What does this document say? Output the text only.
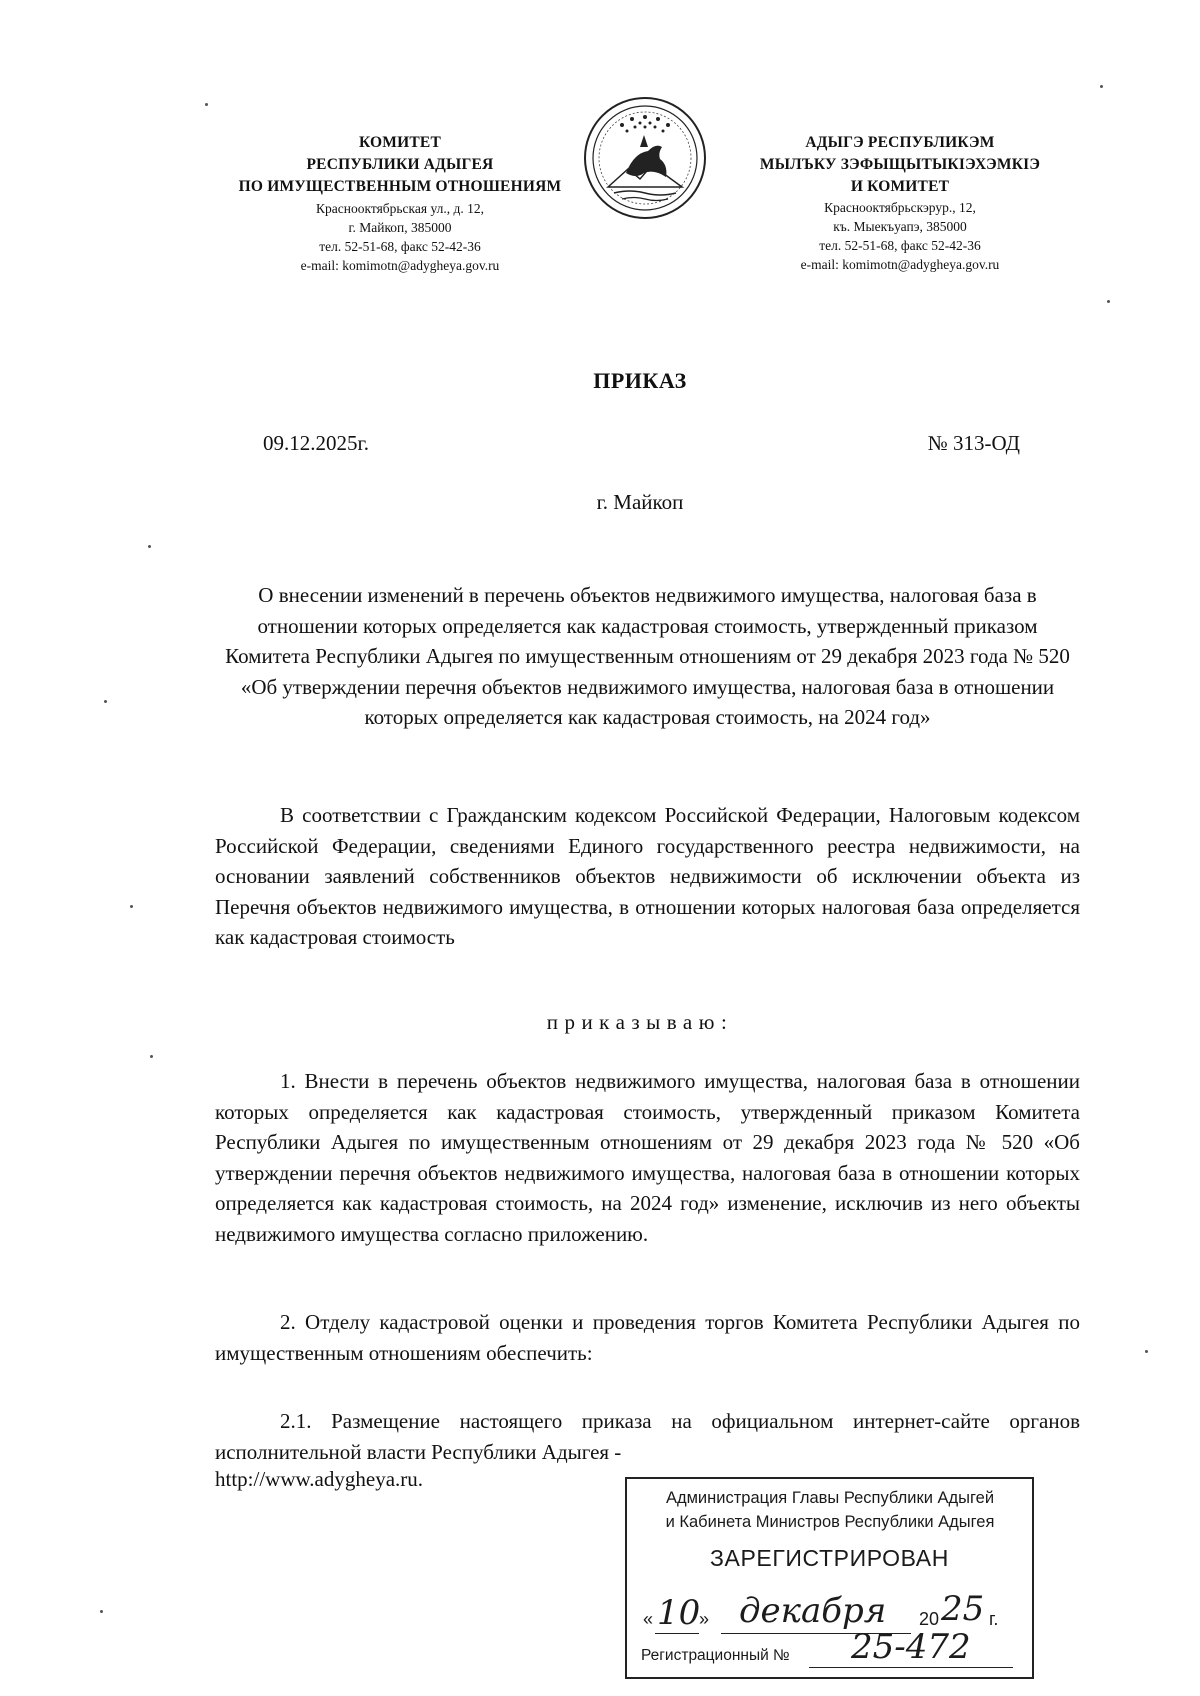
КОМИТЕТ
РЕСПУБЛИКИ АДЫГЕЯ
ПО ИМУЩЕСТВЕННЫМ ОТНОШЕНИЯМ
Краснооктябрьская ул., д. 12,
г. Майкоп, 385000
тел. 52-51-68, факс 52-42-36
e-mail: komimotn@adygheya.gov.ru
АДЫГЭ РЕСПУБЛИКЭМ
МЫЛЪКУ ЗЭФЫЩЫТЫКIЭХЭМКIЭ
И КОМИТЕТ
Краснооктябрьскэрур., 12,
къ. Мыекъуапэ, 385000
тел. 52-51-68, факс 52-42-36
e-mail: komimotn@adygheya.gov.ru
ПРИКАЗ
09.12.2025г.	№ 313-ОД
г. Майкоп
О внесении изменений в перечень объектов недвижимого имущества, налоговая база в отношении которых определяется как кадастровая стоимость, утвержденный приказом Комитета Республики Адыгея по имущественным отношениям от 29 декабря 2023 года № 520 «Об утверждении перечня объектов недвижимого имущества, налоговая база в отношении которых определяется как кадастровая стоимость, на 2024 год»
В соответствии с Гражданским кодексом Российской Федерации, Налоговым кодексом Российской Федерации, сведениями Единого государственного реестра недвижимости, на основании заявлений собственников объектов недвижимости об исключении объекта из Перечня объектов недвижимого имущества, в отношении которых налоговая база определяется как кадастровая стоимость
приказываю:
1. Внести в перечень объектов недвижимого имущества, налоговая база в отношении которых определяется как кадастровая стоимость, утвержденный приказом Комитета Республики Адыгея по имущественным отношениям от 29 декабря 2023 года № 520 «Об утверждении перечня объектов недвижимого имущества, налоговая база в отношении которых определяется как кадастровая стоимость, на 2024 год» изменение, исключив из него объекты недвижимого имущества согласно приложению.
2. Отделу кадастровой оценки и проведения торгов Комитета Республики Адыгея по имущественным отношениям обеспечить:
2.1. Размещение настоящего приказа на официальном интернет-сайте органов исполнительной власти Республики Адыгея -
http://www.adygheya.ru.
Администрация Главы Республики Адыгей
и Кабинета Министров Республики Адыгея
ЗАРЕГИСТРИРОВАН
« 10
» декабря 20 25 г.
Регистрационный № 25-472
